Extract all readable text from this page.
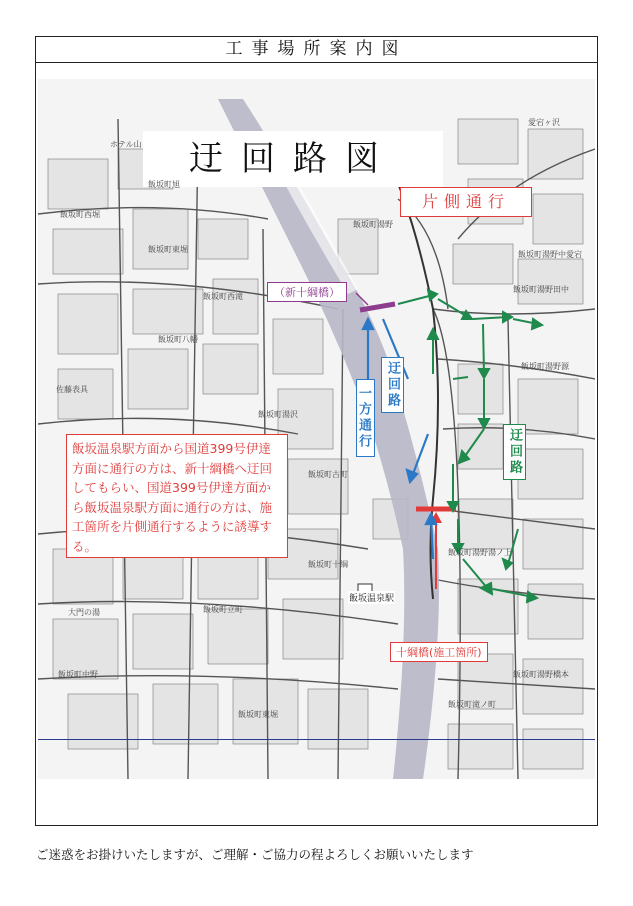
工事場所案内図
迂回路図
片側通行
（新十綱橋）
十綱橋(施工箇所)
迂回路
一方通行
迂回路
飯坂温泉駅方面から国道399号伊達方面に通行の方は、新十綱橋へ迂回してもらい、国道399号伊達方面から飯坂温泉駅方面に通行の方は、施工箇所を片側通行するように誘導する。
飯坂温泉駅
ホテル山
飯坂町旭
飯坂町湯野
飯坂町西堀
飯坂町東堀
飯坂町西滝
飯坂町八幡
飯坂町湯沢
飯坂町古町
飯坂町湯野中愛宕
飯坂町湯野田中
飯坂町湯野源
飯坂町立町
飯坂町湯野湯ノ上
愛宕ヶ沢
佐藤表具
大門の湯
飯坂町東堀
飯坂町十綱
飯坂町湯野橋本
飯坂町中野
飯坂町滝ノ町
ご迷惑をお掛けいたしますが、ご理解・ご協力の程よろしくお願いいたします
